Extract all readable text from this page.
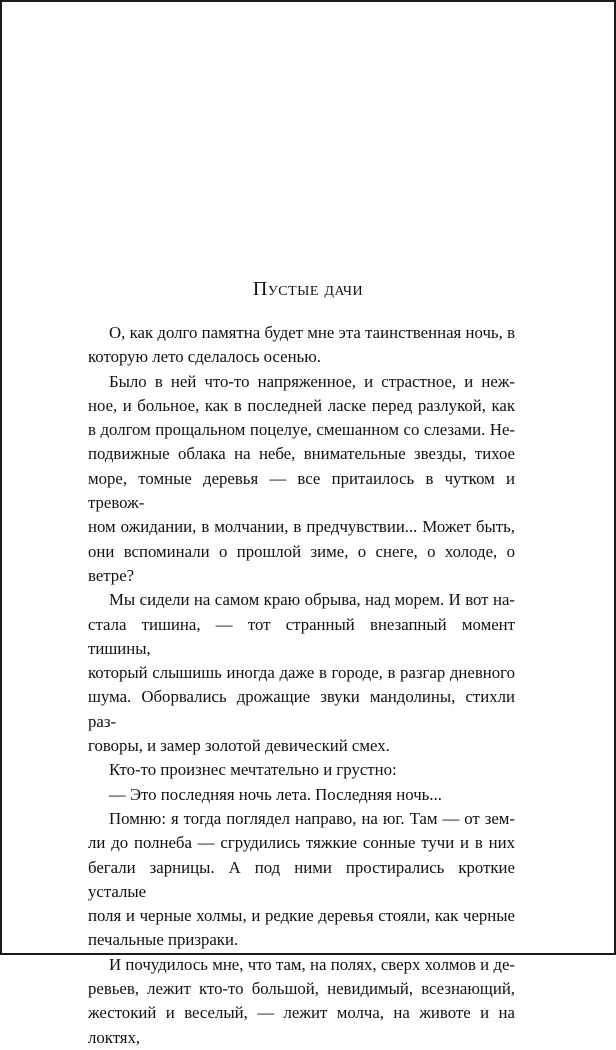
Пустые дачи

О, как долго памятна будет мне эта таинственная ночь, в

которую лето сделалось осенью.

Было в ней что-то напряженное, и страстное, и неж-

ное, и больное, как в последней ласке перед разлукой, как

в долгом прощальном поцелуе, смешанном со слезами. Не-

подвижные облака на небе, внимательные звезды, тихое

море, томные деревья — все притаилось в чутком и тревож-

ном ожидании, в молчании, в предчувствии... Может быть,

они вспоминали о прошлой зиме, о снеге, о холоде, о ветре?

Мы сидели на самом краю обрыва, над морем. И вот на-

стала тишина, — тот странный внезапный момент тишины,

который слышишь иногда даже в городе, в разгар дневного

шума. Оборвались дрожащие звуки мандолины, стихли раз-

говоры, и замер золотой девический смех.

Кто-то произнес мечтательно и грустно:

— Это последняя ночь лета. Последняя ночь...

Помню: я тогда поглядел направо, на юг. Там — от зем-

ли до полнеба — сгрудились тяжкие сонные тучи и в них

бегали зарницы. А под ними простирались кроткие усталые

поля и черные холмы, и редкие деревья стояли, как черные

печальные призраки.

И почудилось мне, что там, на полях, сверх холмов и де-

ревьев, лежит кто-то большой, невидимый, всезнающий,

жестокий и веселый, — лежит молча, на животе и на локтях,
